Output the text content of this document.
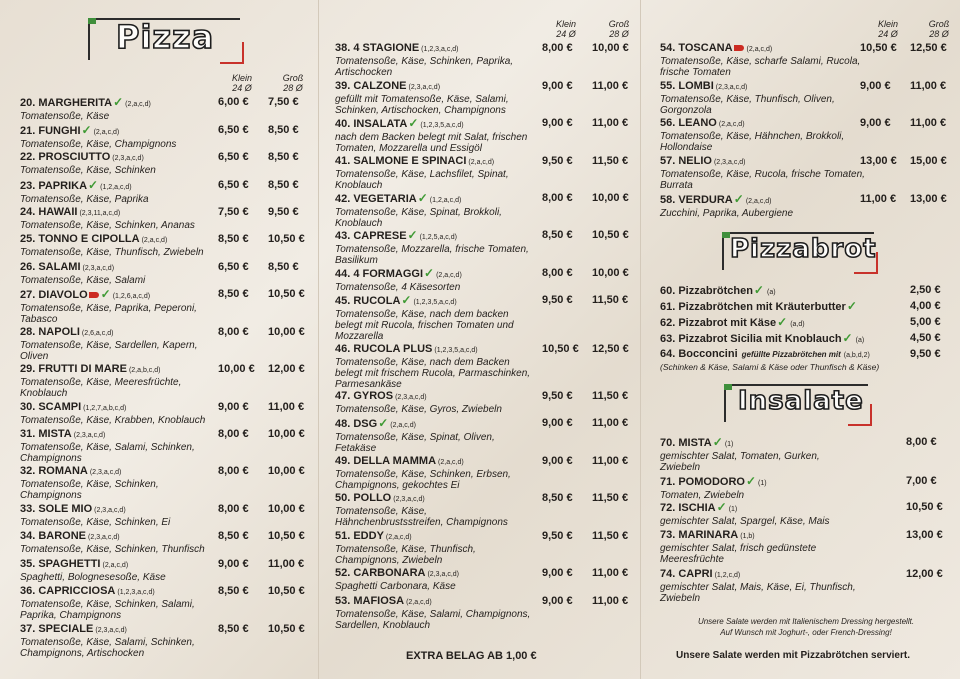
Pizza
Klein
24 Ø
Groß
28 Ø
20. MARGHERITA✓ (2,a,c,d)
Tomatensoße, Käse
6,00 € 7,50 €
21. FUNGHI✓ (2,a,c,d)
Tomatensoße, Käse, Champignons
6,50 € 8,50 €
22. PROSCIUTTO (2,3,a,c,d)
Tomatensoße, Käse, Schinken
6,50 € 8,50 €
23. PAPRIKA✓ (1,2,a,c,d)
Tomatensoße, Käse, Paprika
6,50 € 8,50 €
24. HAWAII (2,3,11,a,c,d)
Tomatensoße, Käse, Schinken, Ananas
7,50 € 9,50 €
25. TONNO E CIPOLLA (2,a,c,d)
Tomatensoße, Käse, Thunfisch, Zwiebeln
8,50 € 10,50 €
26. SALAMI (2,3,a,c,d)
Tomatensoße, Käse, Salami
6,50 € 8,50 €
27. DIAVOLO ✓ (1,2,6,a,c,d)
Tomatensoße, Käse, Paprika, Peperoni, Tabasco
8,50 € 10,50 €
28. NAPOLI (2,6,a,c,d)
Tomatensoße, Käse, Sardellen, Kapern, Oliven
8,00 € 10,00 €
29. FRUTTI DI MARE (2,a,b,c,d)
Tomatensoße, Käse, Meeresfrüchte, Knoblauch
10,00 € 12,00 €
30. SCAMPI (1,2,7,a,b,c,d)
Tomatensoße, Käse, Krabben, Knoblauch
9,00 € 11,00 €
31. MISTA (2,3,a,c,d)
Tomatensoße, Käse, Salami, Schinken, Champignons
8,00 € 10,00 €
32. ROMANA (2,3,a,c,d)
Tomatensoße, Käse, Schinken, Champignons
8,00 € 10,00 €
33. SOLE MIO (2,3,a,c,d)
Tomatensoße, Käse, Schinken, Ei
8,00 € 10,00 €
34. BARONE (2,3,a,c,d)
Tomatensoße, Käse, Schinken, Thunfisch
8,50 € 10,50 €
35. SPAGHETTI (2,a,c,d)
Spaghetti, Bolognesesoße, Käse
9,00 € 11,00 €
36. CAPRICCIOSA (1,2,3,a,c,d)
Tomatensoße, Käse, Schinken, Salami, Paprika, Champignons
8,50 € 10,50 €
37. SPECIALE (2,3,a,c,d)
Tomatensoße, Käse, Salami, Schinken, Champignons, Artischocken
8,50 € 10,50 €
Klein
24 Ø
Groß
28 Ø
38. 4 STAGIONE (1,2,3,a,c,d)
Tomatensoße, Käse, Schinken, Paprika, Artischocken
8,00 € 10,00 €
39. CALZONE (2,3,a,c,d)
gefüllt mit Tomatensoße, Käse, Salami, Schinken, Artischocken, Champignons
9,00 € 11,00 €
40. INSALATA✓ (1,2,3,5,a,c,d)
nach dem Backen belegt mit Salat, frischen Tomaten, Mozzarella und Essigöl
9,00 € 11,00 €
41. SALMONE E SPINACI (2,a,c,d)
Tomatensoße, Käse, Lachsfilet, Spinat, Knoblauch
9,50 € 11,50 €
42. VEGETARIA✓ (1,2,a,c,d)
Tomatensoße, Käse, Spinat, Brokkoli, Knoblauch
8,00 € 10,00 €
43. CAPRESE✓ (1,2,5,a,c,d)
Tomatensoße, Mozzarella, frische Tomaten, Basilikum
8,50 € 10,50 €
44. 4 FORMAGGI✓ (2,a,c,d)
Tomatensoße, 4 Käsesorten
8,00 € 10,00 €
45. RUCOLA✓ (1,2,3,5,a,c,d)
Tomatensoße, Käse, nach dem backen belegt mit Rucola, frischen Tomaten und Mozzarella
9,50 € 11,50 €
46. RUCOLA PLUS (1,2,3,5,a,c,d)
Tomatensoße, Käse, nach dem Backen belegt mit frischem Rucola, Parmaschinken, Parmesankäse
10,50 € 12,50 €
47. GYROS (2,3,a,c,d)
Tomatensoße, Käse, Gyros, Zwiebeln
9,50 € 11,50 €
48. DSG✓ (2,a,c,d)
Tomatensoße, Käse, Spinat, Oliven, Fetakäse
9,00 € 11,00 €
49. DELLA MAMMA (2,a,c,d)
Tomatensoße, Käse, Schinken, Erbsen, Champignons, gekochtes Ei
9,00 € 11,00 €
50. POLLO (2,3,a,c,d)
Tomatensoße, Käse, Hähnchenbrustsstreifen, Champignons
8,50 € 11,50 €
51. EDDY (2,a,c,d)
Tomatensoße, Käse, Thunfisch, Champignons, Zwiebeln
9,50 € 11,50 €
52. CARBONARA (2,3,a,c,d)
Spaghetti Carbonara, Käse
9,00 € 11,00 €
53. MAFIOSA (2,a,c,d)
Tomatensoße, Käse, Salami, Champignons, Sardellen, Knoblauch
9,00 € 11,00 €
EXTRA BELAG AB 1,00 €
Klein
24 Ø
Groß
28 Ø
54. TOSCANA (2,a,c,d)
Tomatensoße, Käse, scharfe Salami, Rucola, frische Tomaten
10,50 € 12,50 €
55. LOMBI (2,3,a,c,d)
Tomatensoße, Käse, Thunfisch, Oliven, Gorgonzola
9,00 € 11,00 €
56. LEANO (2,a,c,d)
Tomatensoße, Käse, Hähnchen, Brokkoli, Hollondaise
9,00 € 11,00 €
57. NELIO (2,3,a,c,d)
Tomatensoße, Käse, Rucola, frische Tomaten, Burrata
13,00 € 15,00 €
58. VERDURA✓ (2,a,c,d)
Zucchini, Paprika, Aubergiene
11,00 € 13,00 €
Pizzabrot
60. Pizzabrötchen✓ (a)	2,50 €
61. Pizzabrötchen mit Kräuterbutter✓	4,00 €
62. Pizzabrot mit Käse✓ (a,d)	5,00 €
63. Pizzabrot Sicilia mit Knoblauch✓ (a)	4,50 €
64. Bocconcini gefüllte Pizzabrötchen mit (a,b,d,2)
(Schinken & Käse, Salami & Käse oder Thunfisch & Käse)
9,50 €
Insalate
70. MISTA✓ (1)
gemischter Salat, Tomaten, Gurken, Zwiebeln
8,00 €
71. POMODORO✓ (1)
Tomaten, Zwiebeln
7,00 €
72. ISCHIA✓ (1)
gemischter Salat, Spargel, Käse, Mais
10,50 €
73. MARINARA (1,b)
gemischter Salat, frisch gedünstete Meeresfrüchte
13,00 €
74. CAPRI (1,2,c,d)
gemischter Salat, Mais, Käse, Ei, Thunfisch, Zwiebeln
12,00 €
Unsere Salate werden mit Italienischem Dressing hergestellt.
Auf Wunsch mit Joghurt-, oder French-Dressing!
Unsere Salate werden mit Pizzabrötchen serviert.
